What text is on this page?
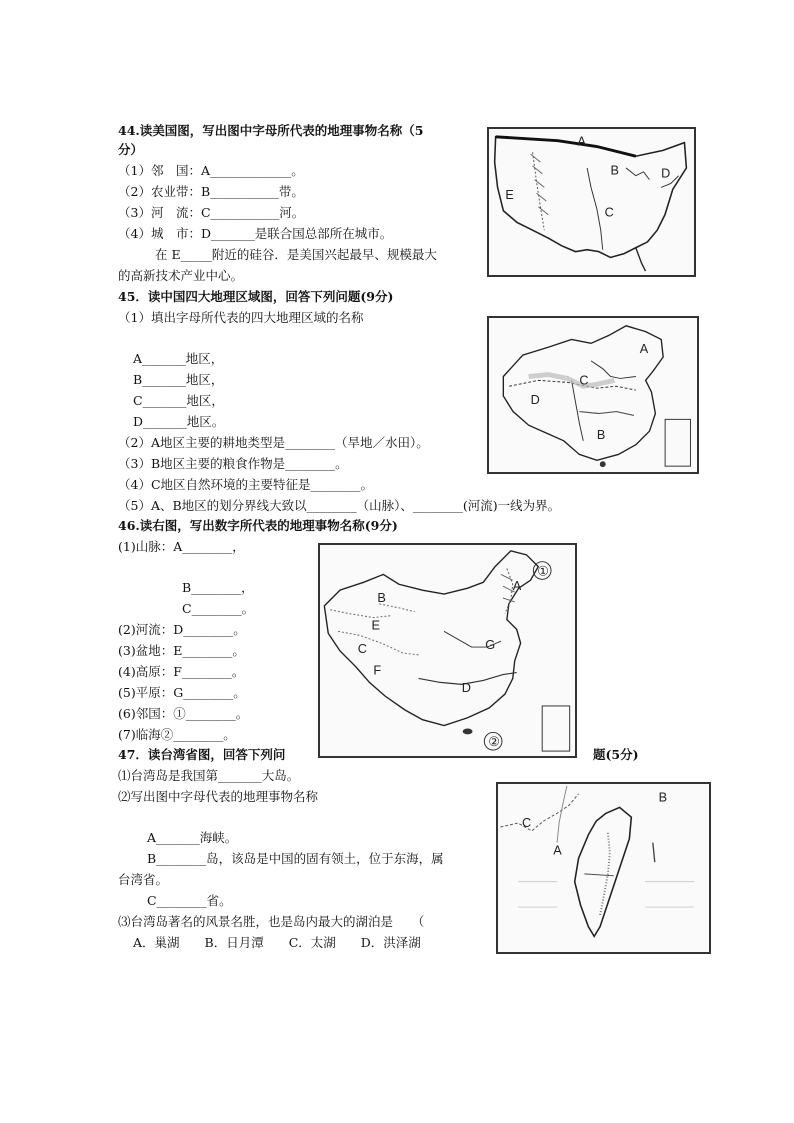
44.读美国图，写出图中字母所代表的地理事物名称（5
分）
（1）邻　国：A_____________。
（2）农业带：B___________带。
（3）河　流：C___________河。
（4）城　市：D_______是联合国总部所在城市。
在 E_____附近的硅谷．是美国兴起最早、规模最大
的高新技术产业中心。
A
B
C
D
E
45．读中国四大地理区域图，回答下列问题(9分)
（1）填出字母所代表的四大地理区域的名称
A_______地区，
B_______地区，
C_______地区，
D_______地区。
（2）A地区主要的耕地类型是________（旱地／水田）。
（3）B地区主要的粮食作物是________。
（4）C地区自然环境的主要特征是________。
（5）A、B地区的划分界线大致以________（山脉）、________(河流)一线为界。
A
B
C
D
46.读右图，写出数字所代表的地理事物名称(9分)
(1)山脉：A________，
B________，
C________。
(2)河流：D________。
(3)盆地：E________。
(4)高原：F________。
(5)平原：G________。
(6)邻国：①________。
(7)临海②________。
A
B
C
D
E
F
G
①
②
47．读台湾省图，回答下列问	题(5分)
⑴台湾岛是我国第_______大岛。
⑵写出图中字母代表的地理事物名称
A_______海峡。
B________岛，该岛是中国的固有领土，位于东海，属
台湾省。
C________省。
⑶台湾岛著名的风景名胜，也是岛内最大的湖泊是　　（
A．巢湖　　B．日月潭　　C．太湖　　D．洪泽湖
A
B
C
